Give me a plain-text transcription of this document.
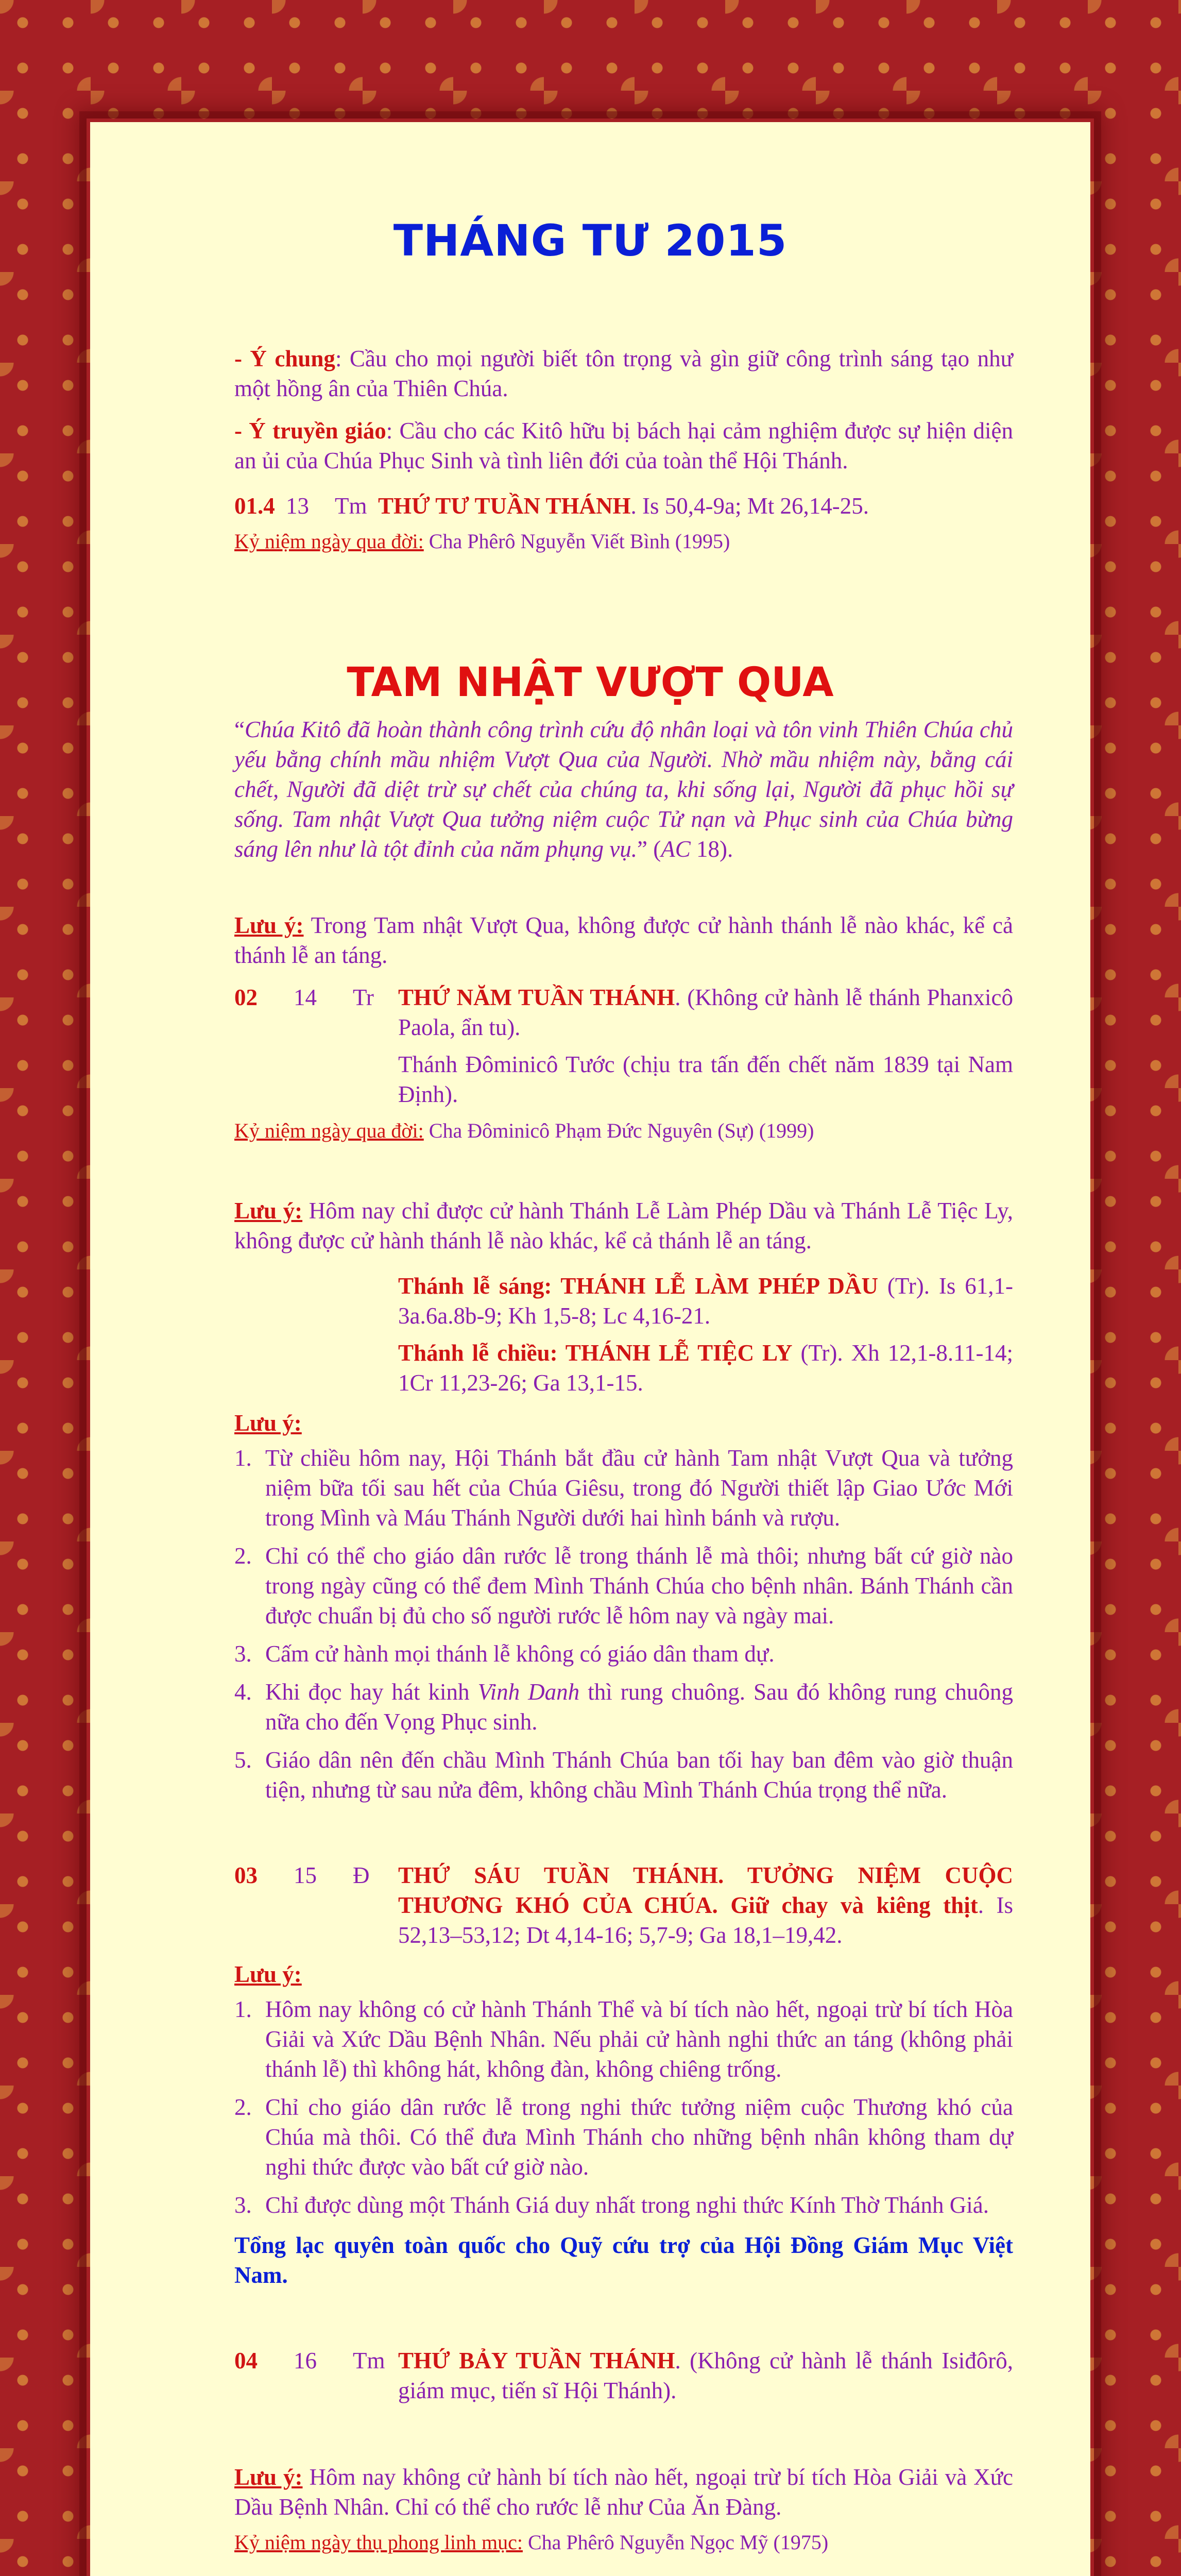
THÁNG TƯ 2015

- Ý chung: Cầu cho mọi người biết tôn trọng và gìn giữ công trình sáng tạo như một hồng ân của Thiên Chúa.

- Ý truyền giáo: Cầu cho các Kitô hữu bị bách hại cảm nghiệm được sự hiện diện an ủi của Chúa Phục Sinh và tình liên đới của toàn thể Hội Thánh.

01.4 13	Tm THỨ TƯ TUẦN THÁNH. Is 50,4-9a; Mt 26,14-25.

Kỷ niệm ngày qua đời: Cha Phêrô Nguyễn Viết Bình (1995)

TAM NHẬT VƯỢT QUA

“Chúa Kitô đã hoàn thành công trình cứu độ nhân loại và tôn vinh Thiên Chúa chủ yếu bằng chính mầu nhiệm Vượt Qua của Người. Nhờ mầu nhiệm này, bằng cái chết, Người đã diệt trừ sự chết của chúng ta, khi sống lại, Người đã phục hồi sự sống. Tam nhật Vượt Qua tưởng niệm cuộc Tử nạn và Phục sinh của Chúa bừng sáng lên như là tột đỉnh của năm phụng vụ.” (AC 18).

Lưu ý: Trong Tam nhật Vượt Qua, không được cử hành thánh lễ nào khác, kể cả thánh lễ an táng.

02	14	Tr	THỨ NĂM TUẦN THÁNH. (Không cử hành lễ thánh Phanxicô Paola, ẩn tu).

Thánh Đôminicô Tước (chịu tra tấn đến chết năm 1839 tại Nam Định).

Kỷ niệm ngày qua đời: Cha Đôminicô Phạm Đức Nguyên (Sự) (1999)

Lưu ý: Hôm nay chỉ được cử hành Thánh Lễ Làm Phép Dầu và Thánh Lễ Tiệc Ly, không được cử hành thánh lễ nào khác, kể cả thánh lễ an táng.

Thánh lễ sáng: THÁNH LỄ LÀM PHÉP DẦU (Tr). Is 61,1-3a.6a.8b-9; Kh 1,5-8; Lc 4,16-21.

Thánh lễ chiều: THÁNH LỄ TIỆC LY (Tr). Xh 12,1-8.11-14; 1Cr 11,23-26; Ga 13,1-15.

Lưu ý:

1. Từ chiều hôm nay, Hội Thánh bắt đầu cử hành Tam nhật Vượt Qua và tưởng niệm bữa tối sau hết của Chúa Giêsu, trong đó Người thiết lập Giao Ước Mới trong Mình và Máu Thánh Người dưới hai hình bánh và rượu.
2. Chỉ có thể cho giáo dân rước lễ trong thánh lễ mà thôi; nhưng bất cứ giờ nào trong ngày cũng có thể đem Mình Thánh Chúa cho bệnh nhân. Bánh Thánh cần được chuẩn bị đủ cho số người rước lễ hôm nay và ngày mai.
3. Cấm cử hành mọi thánh lễ không có giáo dân tham dự.
4. Khi đọc hay hát kinh Vinh Danh thì rung chuông. Sau đó không rung chuông nữa cho đến Vọng Phục sinh.
5. Giáo dân nên đến chầu Mình Thánh Chúa ban tối hay ban đêm vào giờ thuận tiện, nhưng từ sau nửa đêm, không chầu Mình Thánh Chúa trọng thể nữa.
03	15	Đ	THỨ SÁU TUẦN THÁNH. TƯỞNG NIỆM CUỘC THƯƠNG KHÓ CỦA CHÚA. Giữ chay và kiêng thịt. Is 52,13–53,12; Dt 4,14-16; 5,7-9; Ga 18,1–19,42.

Lưu ý:

1. Hôm nay không có cử hành Thánh Thể và bí tích nào hết, ngoại trừ bí tích Hòa Giải và Xức Dầu Bệnh Nhân. Nếu phải cử hành nghi thức an táng (không phải thánh lễ) thì không hát, không đàn, không chiêng trống.
2. Chỉ cho giáo dân rước lễ trong nghi thức tưởng niệm cuộc Thương khó của Chúa mà thôi. Có thể đưa Mình Thánh cho những bệnh nhân không tham dự nghi thức được vào bất cứ giờ nào.
3. Chỉ được dùng một Thánh Giá duy nhất trong nghi thức Kính Thờ Thánh Giá.

Tổng lạc quyên toàn quốc cho Quỹ cứu trợ của Hội Đồng Giám Mục Việt Nam.

04	16	Tm THỨ BẢY TUẦN THÁNH. (Không cử hành lễ thánh Isiđôrô, giám mục, tiến sĩ Hội Thánh).

Lưu ý: Hôm nay không cử hành bí tích nào hết, ngoại trừ bí tích Hòa Giải và Xức Dầu Bệnh Nhân. Chỉ có thể cho rước lễ như Của Ăn Đàng.

Kỷ niệm ngày thụ phong linh mục: Cha Phêrô Nguyễn Ngọc Mỹ (1975)
